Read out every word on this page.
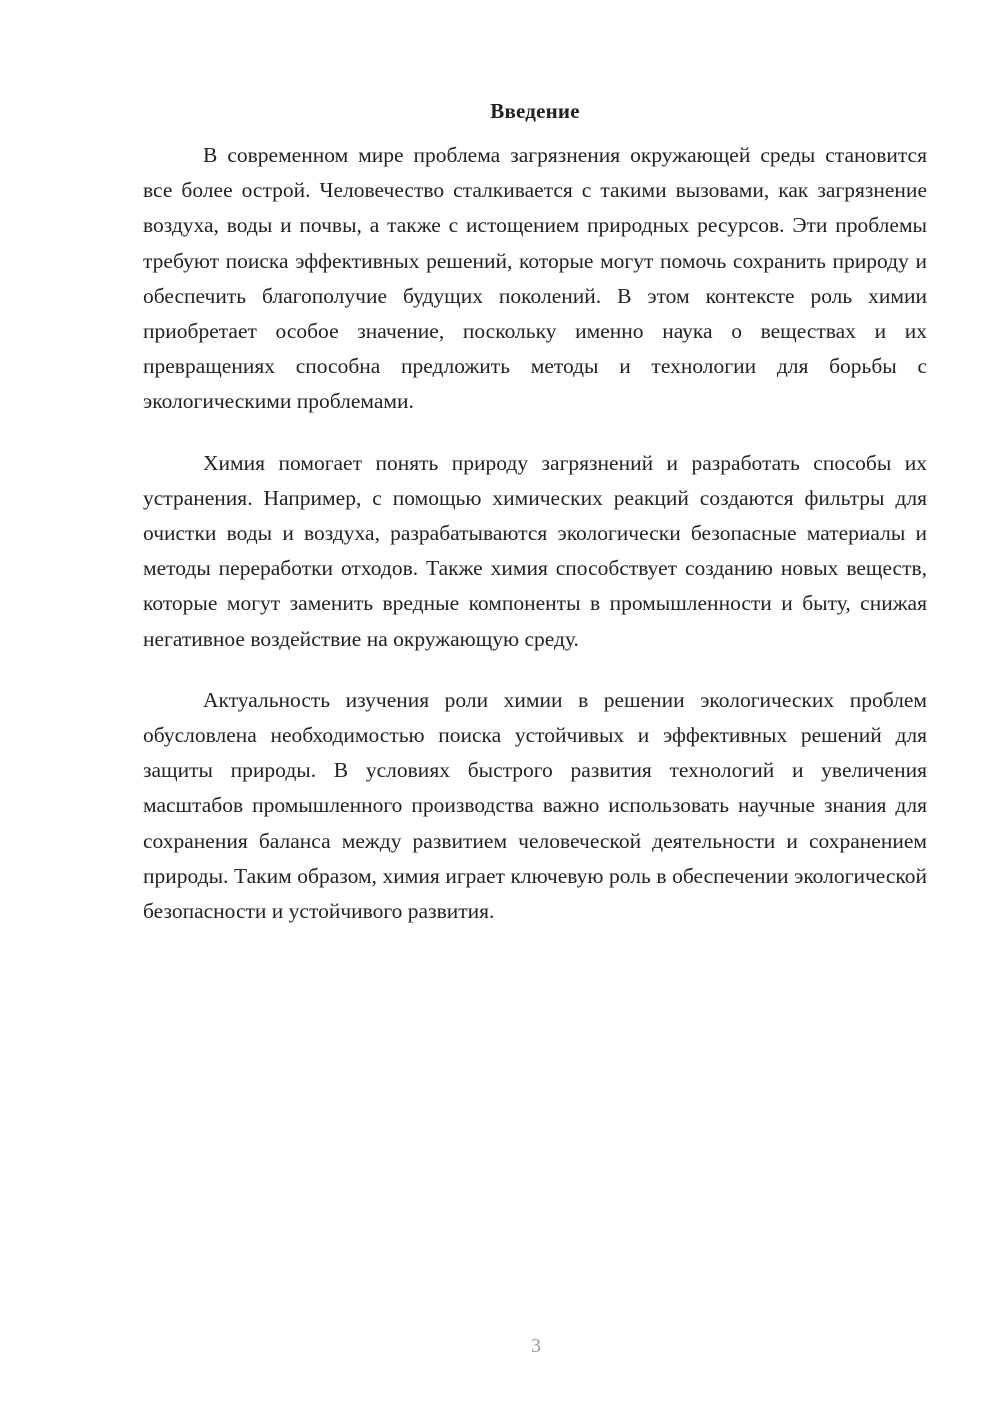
Введение

В современном мире проблема загрязнения окружающей среды становится все более острой. Человечество сталкивается с такими вызовами, как загрязнение воздуха, воды и почвы, а также с истощением природных ресурсов. Эти проблемы требуют поиска эффективных решений, которые могут помочь сохранить природу и обеспечить благополучие будущих поколений. В этом контексте роль химии приобретает особое значение, поскольку именно наука о веществах и их превращениях способна предложить методы и технологии для борьбы с экологическими проблемами.

Химия помогает понять природу загрязнений и разработать способы их устранения. Например, с помощью химических реакций создаются фильтры для очистки воды и воздуха, разрабатываются экологически безопасные материалы и методы переработки отходов. Также химия способствует созданию новых веществ, которые могут заменить вредные компоненты в промышленности и быту, снижая негативное воздействие на окружающую среду.

Актуальность изучения роли химии в решении экологических проблем обусловлена необходимостью поиска устойчивых и эффективных решений для защиты природы. В условиях быстрого развития технологий и увеличения масштабов промышленного производства важно использовать научные знания для сохранения баланса между развитием человеческой деятельности и сохранением природы. Таким образом, химия играет ключевую роль в обеспечении экологической безопасности и устойчивого развития.

3
